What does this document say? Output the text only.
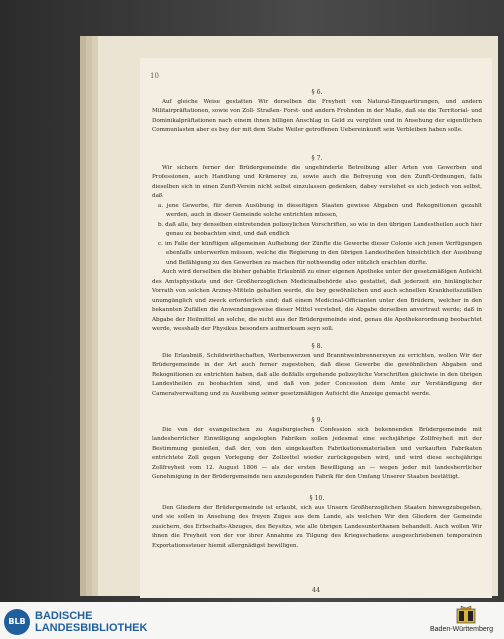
10

§ 6.

Auf gleiche Weise gestatten Wir derselben die Freyheit von Natural-Einquartirungen, und andern Militairpräftationen, sowie von Zoll- Straßen- Forst- und andern Frohnden in der Maße, daß sie die Territorial- und Dominikalpräftationen nach einem ihnen billigen Anschlag in Geld zu vergüten und in Ansehung der eigentlichen Communlasten aber es bey der mit dem Stabe Weiler getroffenen Uebereinkunft sein Verbleiben haben solle.

§ 7.

Wir sichern ferner der Brüdergemeinde die ungehinderte Betreibung aller Arten von Gewerben und Professionen, auch Handlung und Krämerey zu, sowie auch die Befreyung von den Zunft-Ordnungen, falls dieselben sich in einen Zunft-Verein nicht selbst einzulassen gedenken, dabey verstehet es sich jedoch von selbst, daß

a. jene Gewerbe, für deren Ausübung in dieseitigen Staaten gewisse Abgaben und Rekognitionen gezahlt werden, auch in dieser Gemeinde solche entrichten müssen,

b. daß alle, bey denselben eintretenden polizeylichen Vorschriften, so wie in den übrigen Landestheilen auch hier genau zu beobachten sind, und daß endlich

c. im Falle der künftigen allgemeinen Aufhebung der Zünfte die Gewerbe dieser Colonie sich jenen Verfügungen ebenfalls unterwerfen müssen, welche die Regierung in den übrigen Landestheilen hinsichtlich der Ausübung und Befähigung zu den Gewerben zu machen für nothwendig oder nützlich erachten dürfte.

Auch wird derselben die bisher gehabte Erlaubniß zu einer eigenen Apotheke unter der gesetzmäßigen Aufsicht des Amtsphysikats und der Großherzoglichen Medicinalbehörde also gestattet, daß jederzeit ein hinlänglicher Vorrath von solchen Arzney-Mitteln gehalten werde, die bey gewöhnlichen und auch schnellen Krankheitszufällen unumgänglich und zweck erforderlich sind; daß einem Medicinal-Officianten unter den Brüdern, welcher in den bekannten Zufällen die Anwendungsweise dieser Mittel verstehet, die Abgabe derselben anvertraut werde; daß in Abgabe der Heilmittel an solche, die nicht aus der Brüdergemeinde sind, genau die Apothekerordnung beobachtet werde, wesshalb der Physikus besonders aufmerksam seyn soll.

§ 8.

Die Erlaubniß, Schildwirthschaften, Werbenwerzen und Branntweinbrennereyen zu errichten, wollen Wir der Brüdergemeinde in der Art auch ferner zugestehen, daß diese Gewerbe die gewöhnlichen Abgaben und Rekognitionen zu entrichten haben, daß alle deßfalls ergehende polizeyliche Vorschriften gleichwie in den übrigen Landestheilen zu beobachten sind, und daß von jeder Concession dem Amte zur Verständigung der Cameralverwaltung und zu Ausübung seiner gesetzmäßigen Aufsicht die Anzeige gemacht werde.

§ 9.

Die von der evangelischen zu Augsburgischen Confession sich bekennenden Brüdergemeinde mit landesherrlicher Einwilligung angelegten Fabriken sollen jedesmal eine sechsjährige Zollfreyheit mit der Bestimmung genießen, daß der, von den eingekauften Fabrikationsmaterialien und verkauften Fabrikaten entrichtete Zoll gegen Vorlegung der Zollzettel wieder zurückgegeben wird, und wird diese sechsjährige Zollfreyheit vom 12. August 1806 — als der ersten Bewilligung an — wegen jeder mit landesherrlicher Genehmigung in der Brüdergemeinde neu anzulegenden Fabrik für den Umfang Unserer Staaten bestättigt.

§ 10.

Den Gliedern der Brüdergemeinde ist erlaubt, sich aus Unsern Großherzoglichen Staaten hinwegzubegeben, und sie sollen in Ansehung des freyen Zuges aus dem Lande, als welchen Wir den Gliedern der Gemeinde zusichern, des Erbschafts-Abzuges, des Beysitzs, wie alle übrigen Landesunterthanen behandelt. Auch wollen Wir ihnen die Freyheit von der vor ihrer Annahme zu Tilgung des Kriegsschadens ausgeschriebenen temporairen Exportationssteuer hiemit allergnädigst bewilligen.

44
BLB BADISCHE
LANDESBIBLIOTHEK	Baden-Württemberg
